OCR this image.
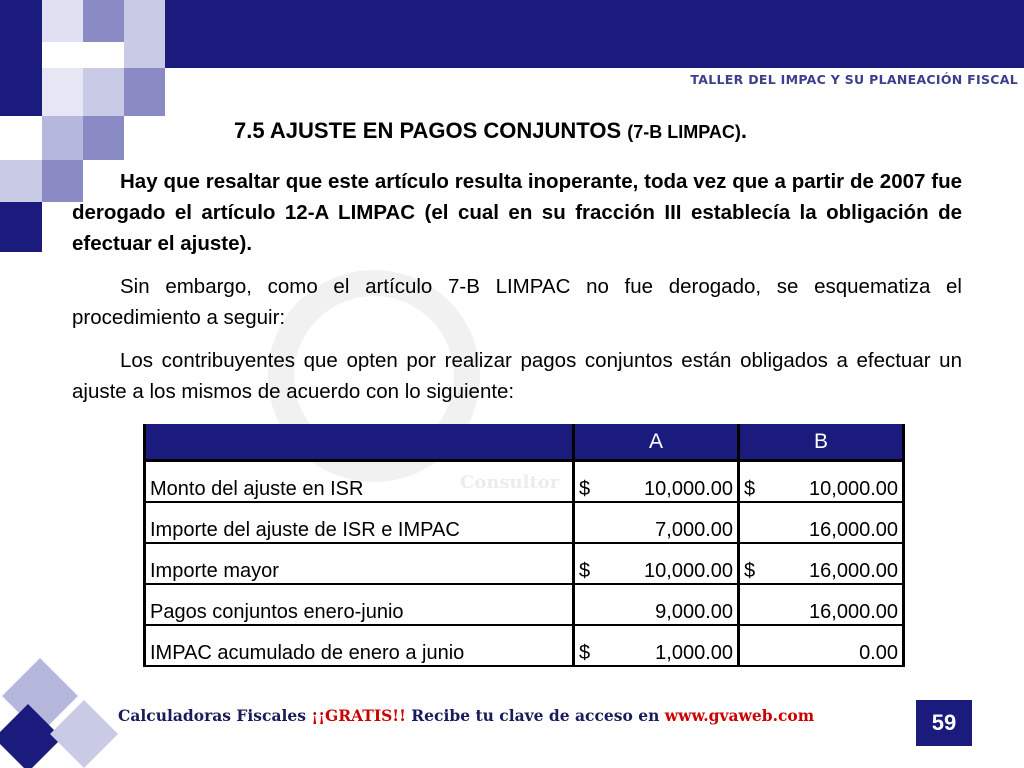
TALLER DEL IMPAC Y SU PLANEACIÓN FISCAL
Consultor
7.5 AJUSTE EN PAGOS CONJUNTOS (7-B LIMPAC).
Hay que resaltar que este artículo resulta inoperante, toda vez que a partir de 2007 fue derogado el artículo 12-A LIMPAC (el cual en su fracción III establecía la obligación de efectuar el ajuste).
Sin embargo, como el artículo 7-B LIMPAC no fue derogado, se esquematiza el procedimiento a seguir:
Los contribuyentes que opten por realizar pagos conjuntos están obligados a efectuar un ajuste a los mismos de acuerdo con lo siguiente:
	A	B
Monto del ajuste en ISR	$ 10,000.00	$ 10,000.00
Importe del ajuste de ISR e IMPAC	7,000.00	16,000.00
Importe mayor	$ 10,000.00	$ 16,000.00
Pagos conjuntos enero-junio	9,000.00	16,000.00
IMPAC acumulado de enero a junio	$ 1,000.00	0.00
Calculadoras Fiscales ¡¡GRATIS!! Recibe tu clave de acceso en www.gvaweb.com	59
